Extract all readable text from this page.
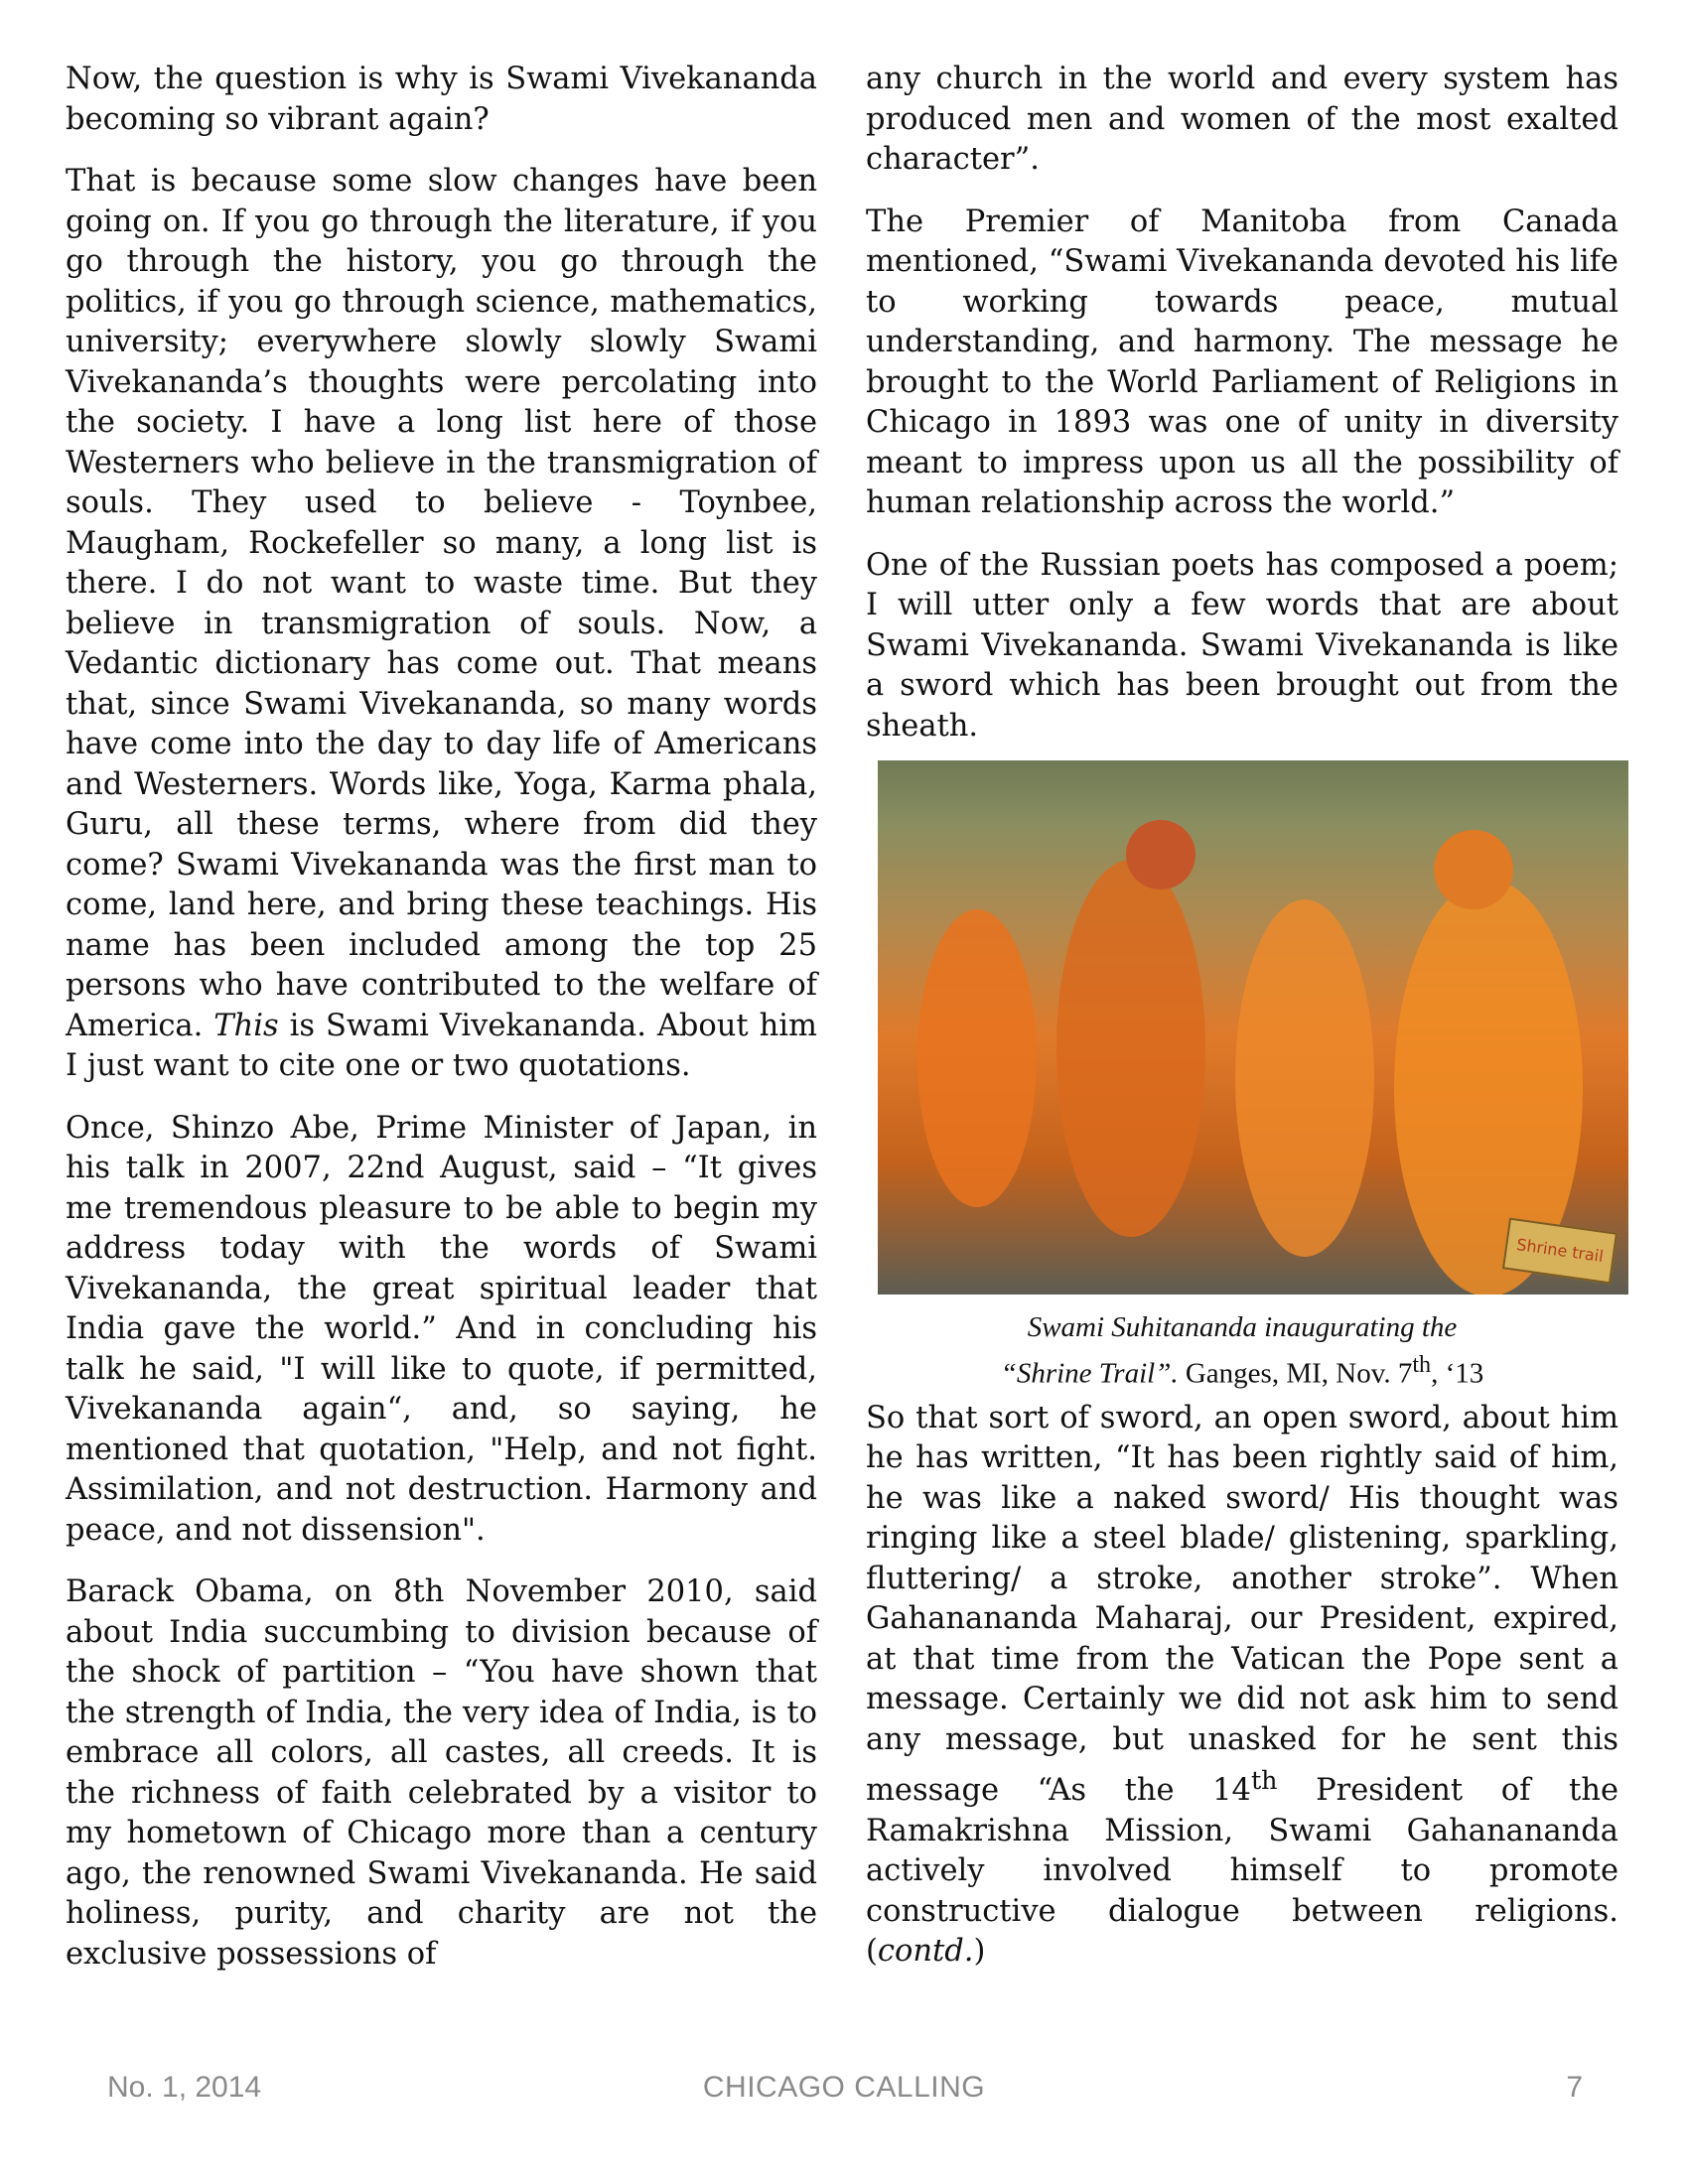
Now, the question is why is Swami Vivekananda becoming so vibrant again?

That is because some slow changes have been going on. If you go through the literature, if you go through the history, you go through the politics, if you go through science, mathematics, university; everywhere slowly slowly Swami Vivekananda’s thoughts were percolating into the society. I have a long list here of those Westerners who believe in the transmigration of souls. They used to believe - Toynbee, Maugham, Rockefeller so many, a long list is there. I do not want to waste time. But they believe in transmigration of souls. Now, a Vedantic dictionary has come out. That means that, since Swami Vivekananda, so many words have come into the day to day life of Americans and Westerners. Words like, Yoga, Karma phala, Guru, all these terms, where from did they come? Swami Vivekananda was the first man to come, land here, and bring these teachings. His name has been included among the top 25 persons who have contributed to the welfare of America. This is Swami Vivekananda. About him I just want to cite one or two quotations.

Once, Shinzo Abe, Prime Minister of Japan, in his talk in 2007, 22nd August, said – “It gives me tremendous pleasure to be able to begin my address today with the words of Swami Vivekananda, the great spiritual leader that India gave the world.” And in concluding his talk he said, "I will like to quote, if permitted, Vivekananda again“, and, so saying, he mentioned that quotation, "Help, and not fight. Assimilation, and not destruction. Harmony and peace, and not dissension".

Barack Obama, on 8th November 2010, said about India succumbing to division because of the shock of partition – “You have shown that the strength of India, the very idea of India, is to embrace all colors, all castes, all creeds. It is the richness of faith celebrated by a visitor to my hometown of Chicago more than a century ago, the renowned Swami Vivekananda. He said holiness, purity, and charity are not the exclusive possessions of

any church in the world and every system has produced men and women of the most exalted character”.

The Premier of Manitoba from Canada mentioned, “Swami Vivekananda devoted his life to working towards peace, mutual understanding, and harmony. The message he brought to the World Parliament of Religions in Chicago in 1893 was one of unity in diversity meant to impress upon us all the possibility of human relationship across the world.”

One of the Russian poets has composed a poem; I will utter only a few words that are about Swami Vivekananda. Swami Vivekananda is like a sword which has been brought out from the sheath.

Shrine trail
Swami Suhitananda inaugurating the
“Shrine Trail”. Ganges, MI, Nov. 7th, ‘13

So that sort of sword, an open sword, about him he has written, “It has been rightly said of him, he was like a naked sword/ His thought was ringing like a steel blade/ glistening, sparkling, fluttering/ a stroke, another stroke”. When Gahanananda Maharaj, our President, expired, at that time from the Vatican the Pope sent a message. Certainly we did not ask him to send any message, but unasked for he sent this message “As the 14th President of the Ramakrishna Mission, Swami Gahanananda actively involved himself to promote constructive dialogue between religions. (contd.)

No. 1, 2014	CHICAGO CALLING	7
